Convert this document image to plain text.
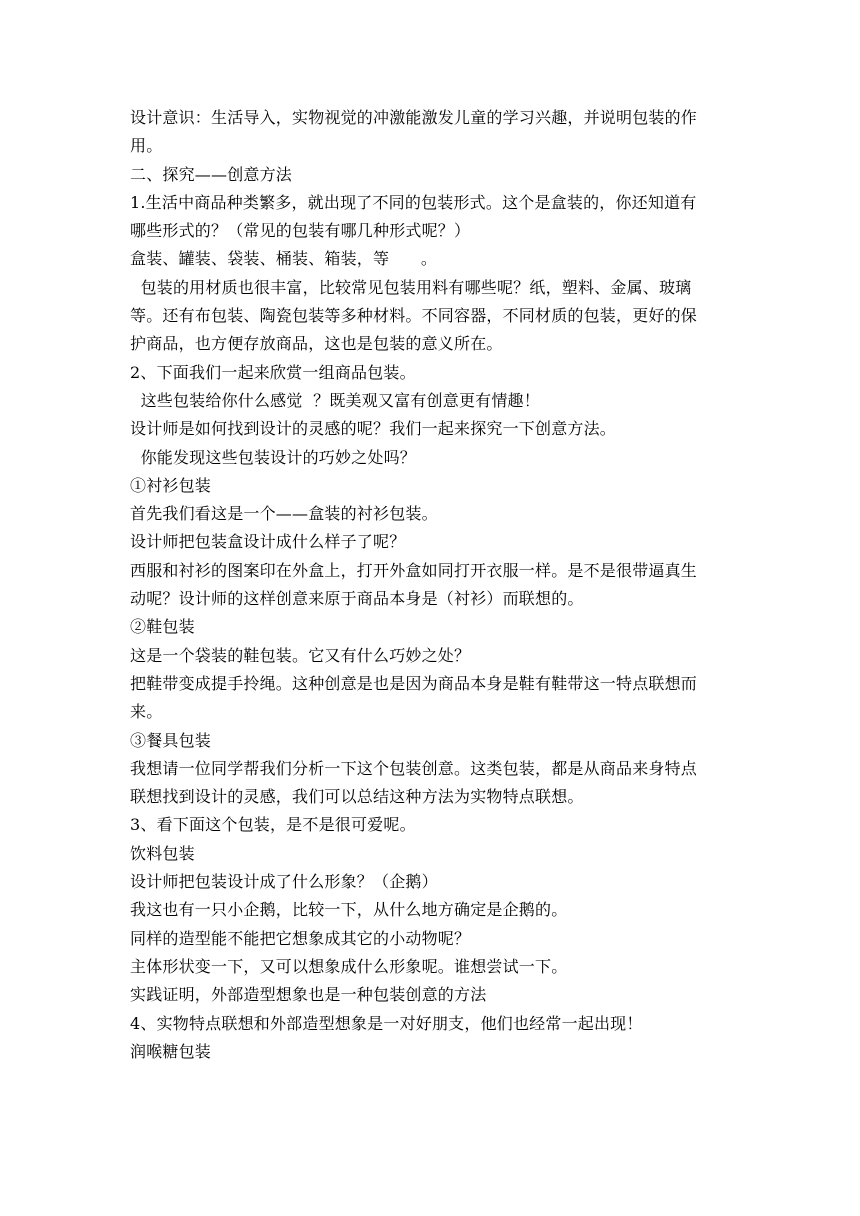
设计意识：生活导入，实物视觉的冲激能激发儿童的学习兴趣，并说明包装的作
用。
二、探究——创意方法
1.生活中商品种类繁多，就出现了不同的包装形式。这个是盒装的，你还知道有
哪些形式的？（常见的包装有哪几种形式呢？）
盒装、罐装、袋装、桶装、箱装，等      。
包装的用材质也很丰富，比较常见包装用料有哪些呢？纸，塑料、金属、玻璃
等。还有布包装、陶瓷包装等多种材料。不同容器，不同材质的包装，更好的保
护商品，也方便存放商品，这也是包装的意义所在。
2、下面我们一起来欣赏一组商品包装。
这些包装给你什么感觉  ？既美观又富有创意更有情趣！
设计师是如何找到设计的灵感的呢？我们一起来探究一下创意方法。
你能发现这些包装设计的巧妙之处吗？
①衬衫包装
首先我们看这是一个——盒装的衬衫包装。
设计师把包装盒设计成什么样子了呢？
西服和衬衫的图案印在外盒上，打开外盒如同打开衣服一样。是不是很带逼真生
动呢？设计师的这样创意来原于商品本身是（衬衫）而联想的。
②鞋包装
这是一个袋装的鞋包装。它又有什么巧妙之处？
把鞋带变成提手拎绳。这种创意是也是因为商品本身是鞋有鞋带这一特点联想而
来。
③餐具包装
我想请一位同学帮我们分析一下这个包装创意。这类包装，都是从商品来身特点
联想找到设计的灵感，我们可以总结这种方法为实物特点联想。
3、看下面这个包装，是不是很可爱呢。
饮料包装
设计师把包装设计成了什么形象？（企鹅）
我这也有一只小企鹅，比较一下，从什么地方确定是企鹅的。
同样的造型能不能把它想象成其它的小动物呢？
主体形状变一下，又可以想象成什么形象呢。谁想尝试一下。
实践证明，外部造型想象也是一种包装创意的方法
4、实物特点联想和外部造型想象是一对好朋支，他们也经常一起出现！
润喉糖包装
